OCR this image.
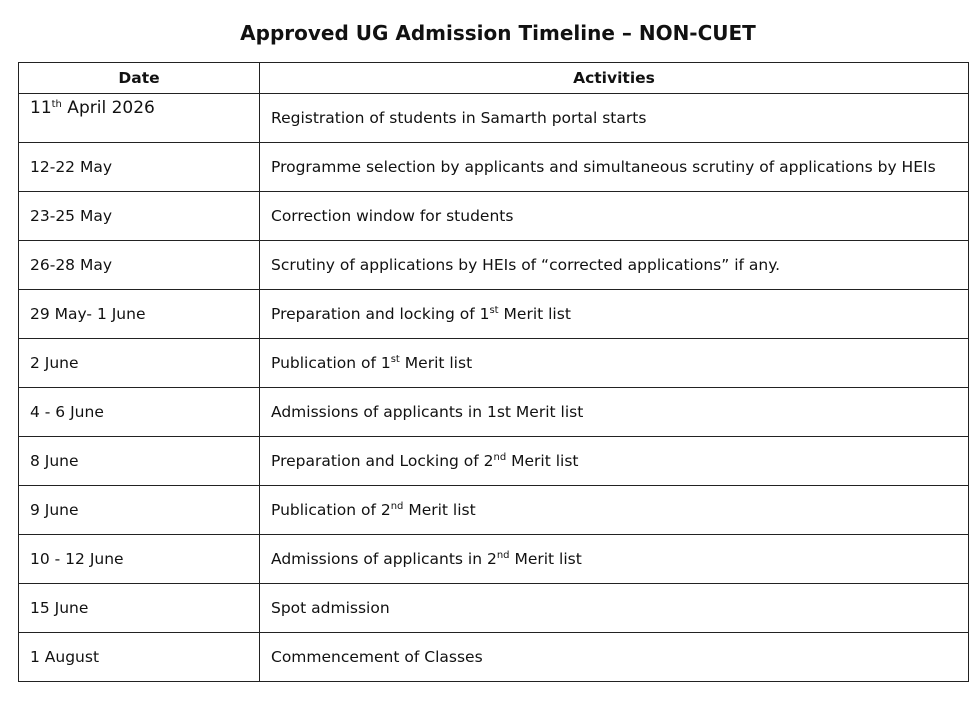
Approved UG Admission Timeline – NON-CUET
Date	Activities

11th April 2026	Registration of students in Samarth portal starts
12-22 May	Programme selection by applicants and simultaneous scrutiny of applications by HEIs
23-25 May	Correction window for students
26-28 May	Scrutiny of applications by HEIs of “corrected applications” if any.
29 May- 1 June	Preparation and locking of 1st Merit list
2 June	Publication of 1st Merit list
4 - 6 June	Admissions of applicants in 1st Merit list
8 June	Preparation and Locking of 2nd Merit list
9 June	Publication of 2nd Merit list
10 - 12 June	Admissions of applicants in 2nd Merit list
15 June	Spot admission
1 August	Commencement of Classes
